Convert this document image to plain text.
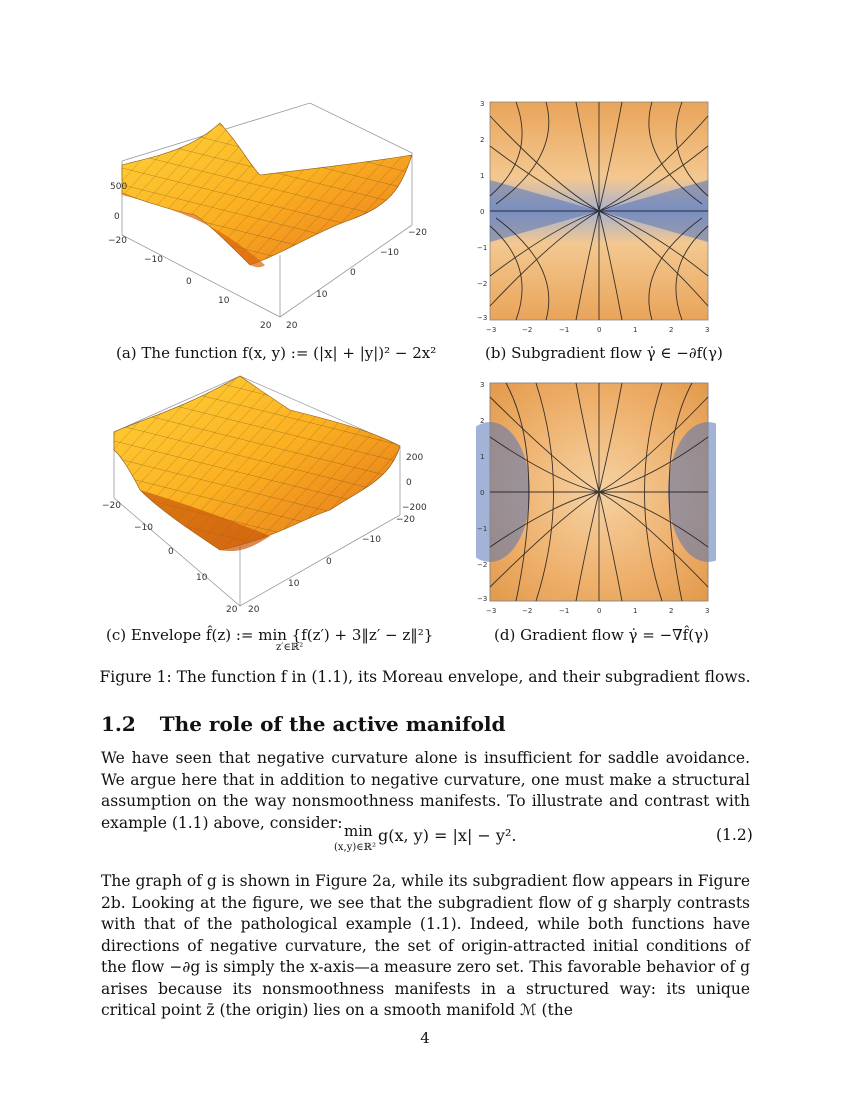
500
0
−20
−10
0
10
20
−20
−10
0
10
20
(a) The function f(x, y) := (|x| + |y|)² − 2x²
3
2
1
0
−1
−2
−3
−3	−2	−1	0	1	2	3
(b) Subgradient flow γ̇ ∈ −∂f(γ)
200
0
−200
−20
−10
0
10
20
−20
−10
0
10
20
(c) Envelope f̂(z) := min {f(z′) + 3‖z′ − z‖²}
z′∈ℝ²
3
2
1
0
−1
−2
−3
−3	−2	−1	0	1	2	3
(d) Gradient flow γ̇ = −∇f̂(γ)
Figure 1: The function f in (1.1), its Moreau envelope, and their subgradient flows.
1.2 The role of the active manifold

We have seen that negative curvature alone is insufficient for saddle avoidance. We argue here that in addition to negative curvature, one must make a structural assumption on the way nonsmoothness manifests. To illustrate and contrast with example (1.1) above, consider: min
(x,y)∈ℝ²
g(x, y) = |x| − y².	(1.2)

The graph of g is shown in Figure 2a, while its subgradient flow appears in Figure 2b. Looking at the figure, we see that the subgradient flow of g sharply contrasts with that of the pathological example (1.1). Indeed, while both functions have directions of negative curvature, the set of origin-attracted initial conditions of the flow −∂g is simply the x-axis—a measure zero set. This favorable behavior of g arises because its nonsmoothness manifests in a structured way: its unique critical point z̄ (the origin) lies on a smooth manifold ℳ (the

4
